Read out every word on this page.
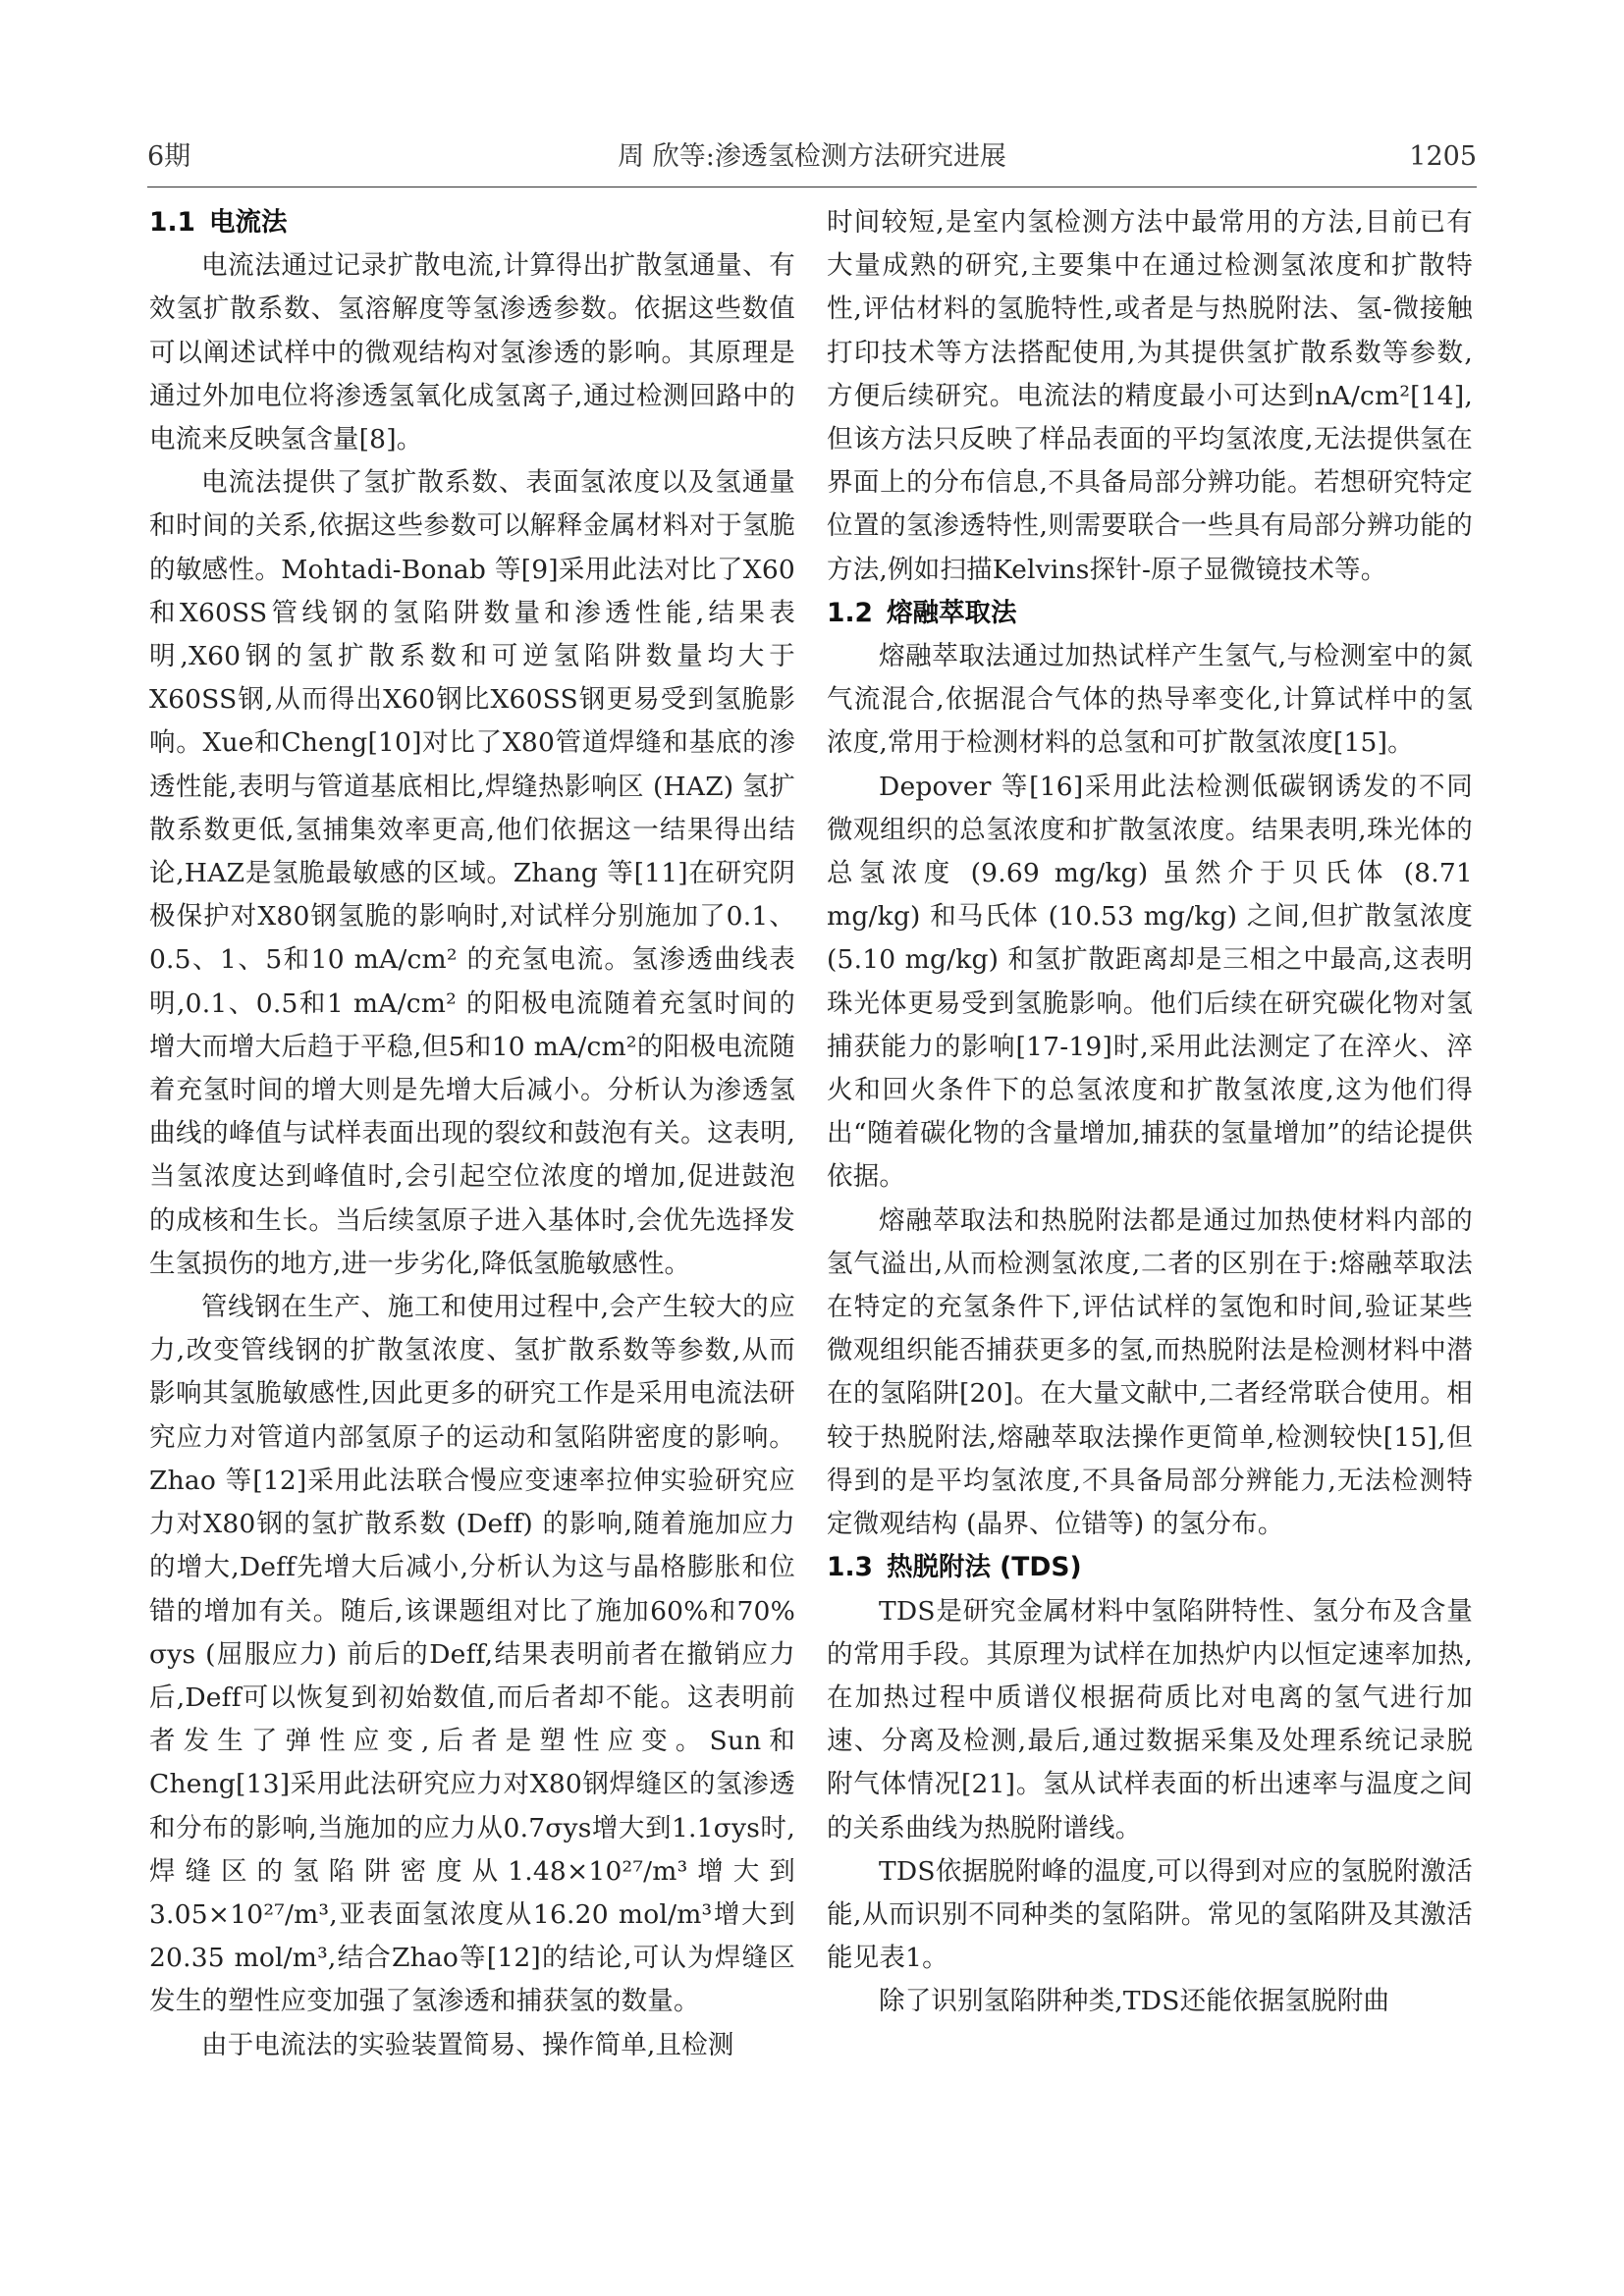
6期	周 欣等:渗透氢检测方法研究进展	1205
1.1 电流法

电流法通过记录扩散电流,计算得出扩散氢通量、有效氢扩散系数、氢溶解度等氢渗透参数。依据这些数值可以阐述试样中的微观结构对氢渗透的影响。其原理是通过外加电位将渗透氢氧化成氢离子,通过检测回路中的电流来反映氢含量[8]。

电流法提供了氢扩散系数、表面氢浓度以及氢通量和时间的关系,依据这些参数可以解释金属材料对于氢脆的敏感性。Mohtadi-Bonab 等[9]采用此法对比了X60和X60SS管线钢的氢陷阱数量和渗透性能,结果表明,X60钢的氢扩散系数和可逆氢陷阱数量均大于X60SS钢,从而得出X60钢比X60SS钢更易受到氢脆影响。Xue和Cheng[10]对比了X80管道焊缝和基底的渗透性能,表明与管道基底相比,焊缝热影响区 (HAZ) 氢扩散系数更低,氢捕集效率更高,他们依据这一结果得出结论,HAZ是氢脆最敏感的区域。Zhang 等[11]在研究阴极保护对X80钢氢脆的影响时,对试样分别施加了0.1、0.5、1、5和10 mA/cm² 的充氢电流。氢渗透曲线表明,0.1、0.5和1 mA/cm² 的阳极电流随着充氢时间的增大而增大后趋于平稳,但5和10 mA/cm²的阳极电流随着充氢时间的增大则是先增大后减小。分析认为渗透氢曲线的峰值与试样表面出现的裂纹和鼓泡有关。这表明,当氢浓度达到峰值时,会引起空位浓度的增加,促进鼓泡的成核和生长。当后续氢原子进入基体时,会优先选择发生氢损伤的地方,进一步劣化,降低氢脆敏感性。

管线钢在生产、施工和使用过程中,会产生较大的应力,改变管线钢的扩散氢浓度、氢扩散系数等参数,从而影响其氢脆敏感性,因此更多的研究工作是采用电流法研究应力对管道内部氢原子的运动和氢陷阱密度的影响。Zhao 等[12]采用此法联合慢应变速率拉伸实验研究应力对X80钢的氢扩散系数 (Deff) 的影响,随着施加应力的增大,Deff先增大后减小,分析认为这与晶格膨胀和位错的增加有关。随后,该课题组对比了施加60%和70% σys (屈服应力) 前后的Deff,结果表明前者在撤销应力后,Deff可以恢复到初始数值,而后者却不能。这表明前者发生了弹性应变,后者是塑性应变。Sun和Cheng[13]采用此法研究应力对X80钢焊缝区的氢渗透和分布的影响,当施加的应力从0.7σys增大到1.1σys时,焊缝区的氢陷阱密度从1.48×10²⁷/m³增大到3.05×10²⁷/m³,亚表面氢浓度从16.20 mol/m³增大到20.35 mol/m³,结合Zhao等[12]的结论,可认为焊缝区发生的塑性应变加强了氢渗透和捕获氢的数量。

由于电流法的实验装置简易、操作简单,且检测

时间较短,是室内氢检测方法中最常用的方法,目前已有大量成熟的研究,主要集中在通过检测氢浓度和扩散特性,评估材料的氢脆特性,或者是与热脱附法、氢-微接触打印技术等方法搭配使用,为其提供氢扩散系数等参数,方便后续研究。电流法的精度最小可达到nA/cm²[14],但该方法只反映了样品表面的平均氢浓度,无法提供氢在界面上的分布信息,不具备局部分辨功能。若想研究特定位置的氢渗透特性,则需要联合一些具有局部分辨功能的方法,例如扫描Kelvins探针-原子显微镜技术等。

1.2 熔融萃取法

熔融萃取法通过加热试样产生氢气,与检测室中的氮气流混合,依据混合气体的热导率变化,计算试样中的氢浓度,常用于检测材料的总氢和可扩散氢浓度[15]。

Depover 等[16]采用此法检测低碳钢诱发的不同微观组织的总氢浓度和扩散氢浓度。结果表明,珠光体的总氢浓度 (9.69 mg/kg) 虽然介于贝氏体 (8.71 mg/kg) 和马氏体 (10.53 mg/kg) 之间,但扩散氢浓度 (5.10 mg/kg) 和氢扩散距离却是三相之中最高,这表明珠光体更易受到氢脆影响。他们后续在研究碳化物对氢捕获能力的影响[17-19]时,采用此法测定了在淬火、淬火和回火条件下的总氢浓度和扩散氢浓度,这为他们得出“随着碳化物的含量增加,捕获的氢量增加”的结论提供依据。

熔融萃取法和热脱附法都是通过加热使材料内部的氢气溢出,从而检测氢浓度,二者的区别在于:熔融萃取法在特定的充氢条件下,评估试样的氢饱和时间,验证某些微观组织能否捕获更多的氢,而热脱附法是检测材料中潜在的氢陷阱[20]。在大量文献中,二者经常联合使用。相较于热脱附法,熔融萃取法操作更简单,检测较快[15],但得到的是平均氢浓度,不具备局部分辨能力,无法检测特定微观结构 (晶界、位错等) 的氢分布。

1.3 热脱附法 (TDS)

TDS是研究金属材料中氢陷阱特性、氢分布及含量的常用手段。其原理为试样在加热炉内以恒定速率加热,在加热过程中质谱仪根据荷质比对电离的氢气进行加速、分离及检测,最后,通过数据采集及处理系统记录脱附气体情况[21]。氢从试样表面的析出速率与温度之间的关系曲线为热脱附谱线。

TDS依据脱附峰的温度,可以得到对应的氢脱附激活能,从而识别不同种类的氢陷阱。常见的氢陷阱及其激活能见表1。

除了识别氢陷阱种类,TDS还能依据氢脱附曲
